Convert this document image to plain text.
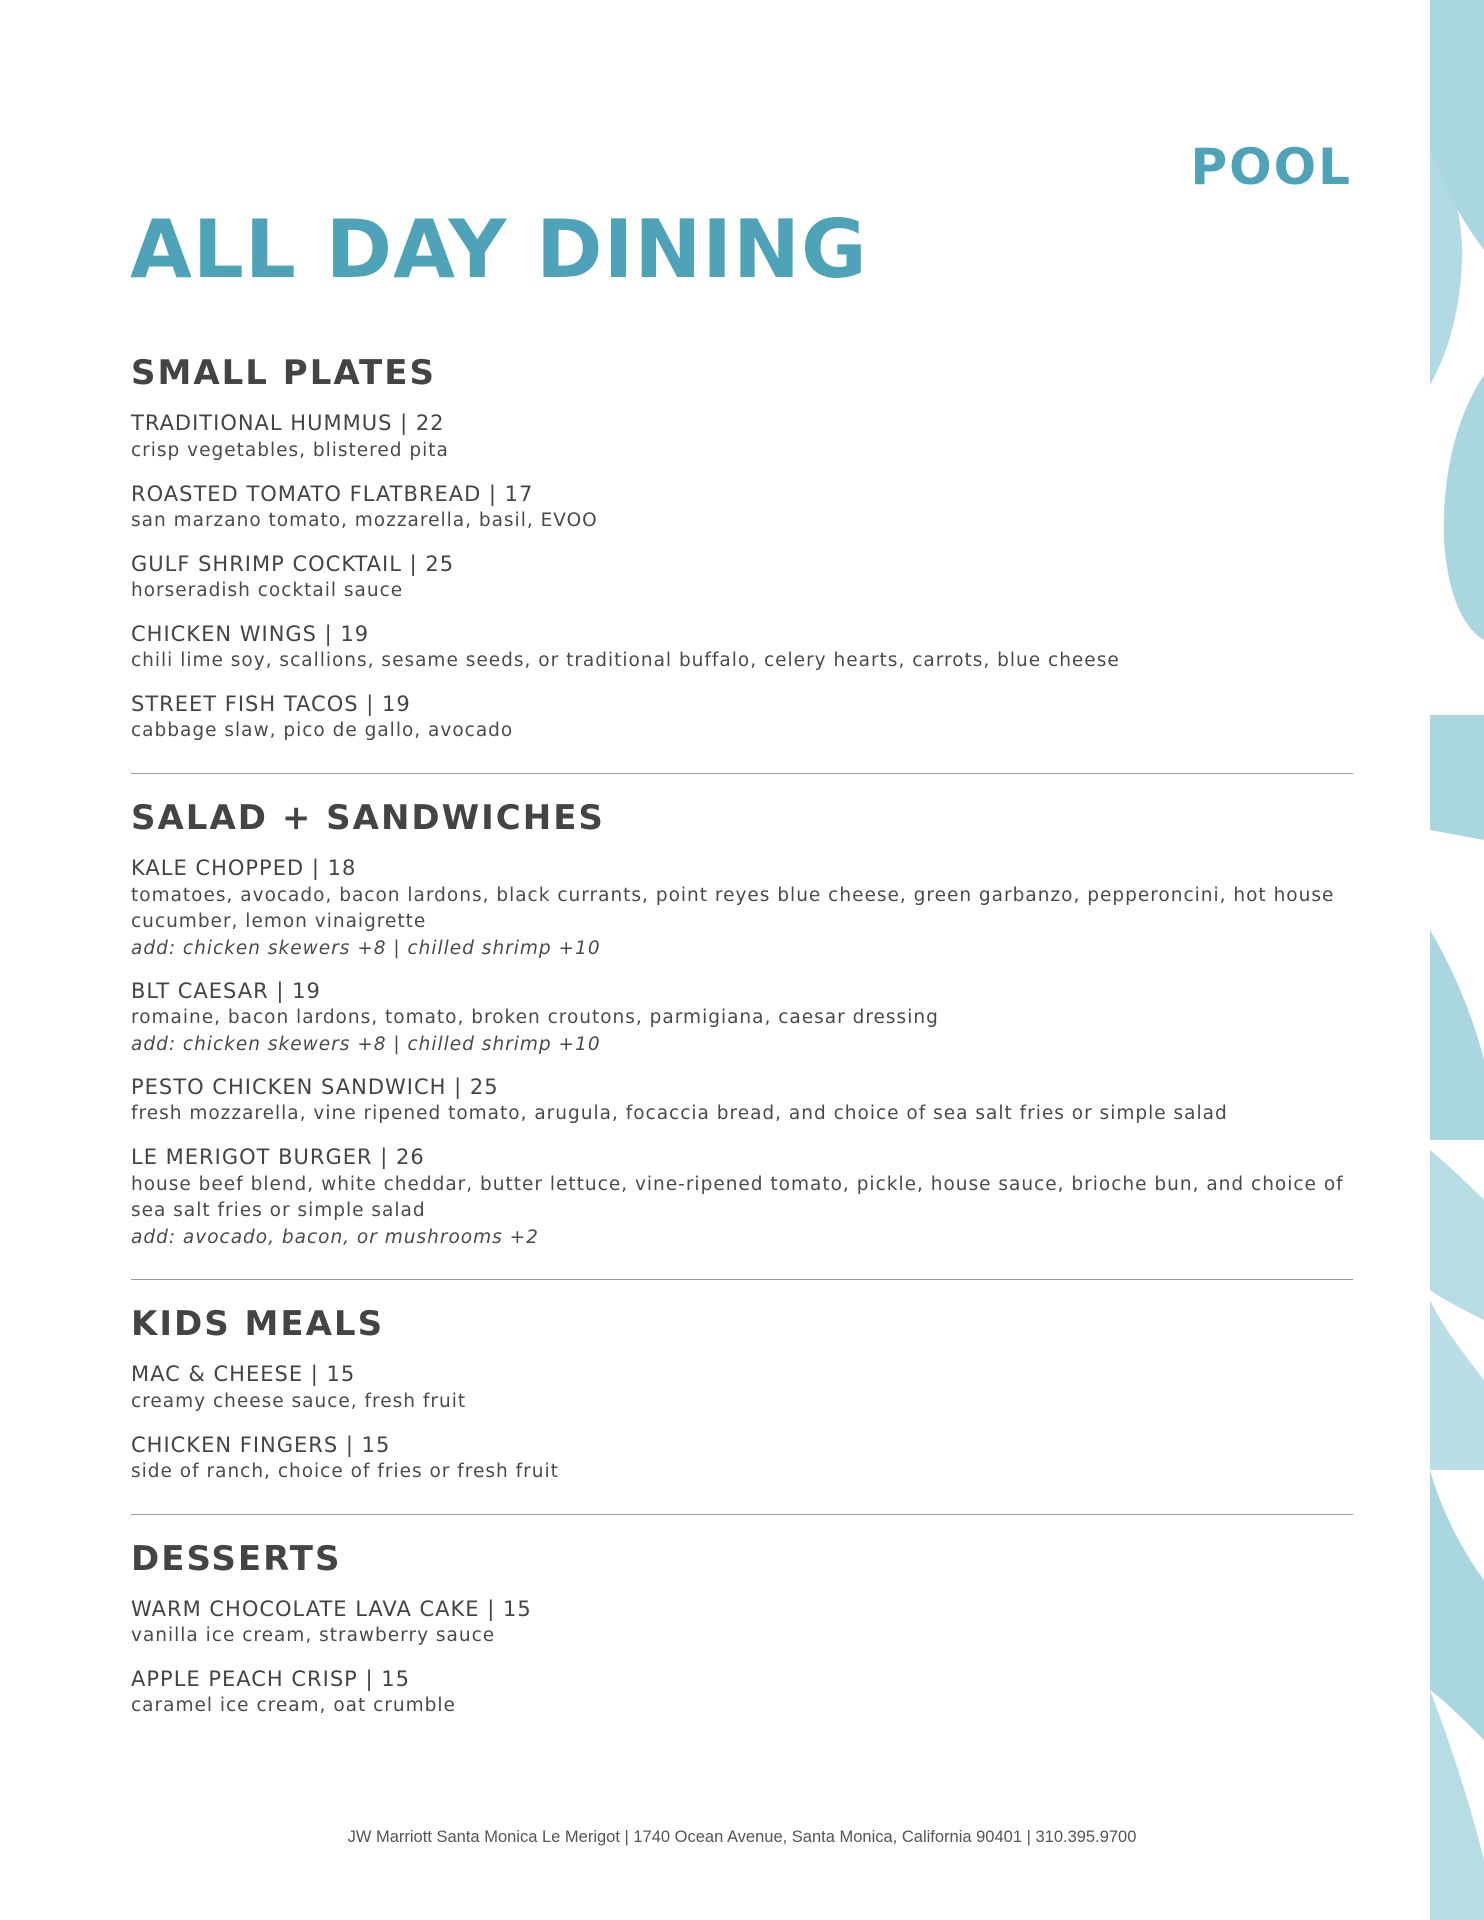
POOL
ALL DAY DINING
SMALL PLATES
TRADITIONAL HUMMUS | 22
crisp vegetables, blistered pita
ROASTED TOMATO FLATBREAD | 17
san marzano tomato, mozzarella, basil, EVOO
GULF SHRIMP COCKTAIL | 25
horseradish cocktail sauce
CHICKEN WINGS | 19
chili lime soy, scallions, sesame seeds, or traditional buffalo, celery hearts, carrots, blue cheese
STREET FISH TACOS | 19
cabbage slaw, pico de gallo, avocado
SALAD + SANDWICHES
KALE CHOPPED | 18
tomatoes, avocado, bacon lardons, black currants, point reyes blue cheese, green garbanzo, pepperoncini, hot house cucumber, lemon vinaigrette
add: chicken skewers +8 | chilled shrimp +10
BLT CAESAR | 19
romaine, bacon lardons, tomato, broken croutons, parmigiana, caesar dressing
add: chicken skewers +8 | chilled shrimp +10
PESTO CHICKEN SANDWICH | 25
fresh mozzarella, vine ripened tomato, arugula, focaccia bread, and choice of sea salt fries or simple salad
LE MERIGOT BURGER | 26
house beef blend, white cheddar, butter lettuce, vine-ripened tomato, pickle, house sauce, brioche bun, and choice of sea salt fries or simple salad
add: avocado, bacon, or mushrooms +2
KIDS MEALS
MAC & CHEESE | 15
creamy cheese sauce, fresh fruit
CHICKEN FINGERS | 15
side of ranch, choice of fries or fresh fruit
DESSERTS
WARM CHOCOLATE LAVA CAKE | 15
vanilla ice cream, strawberry sauce
APPLE PEACH CRISP | 15
caramel ice cream, oat crumble
JW Marriott Santa Monica Le Merigot | 1740 Ocean Avenue, Santa Monica, California 90401 | 310.395.9700
